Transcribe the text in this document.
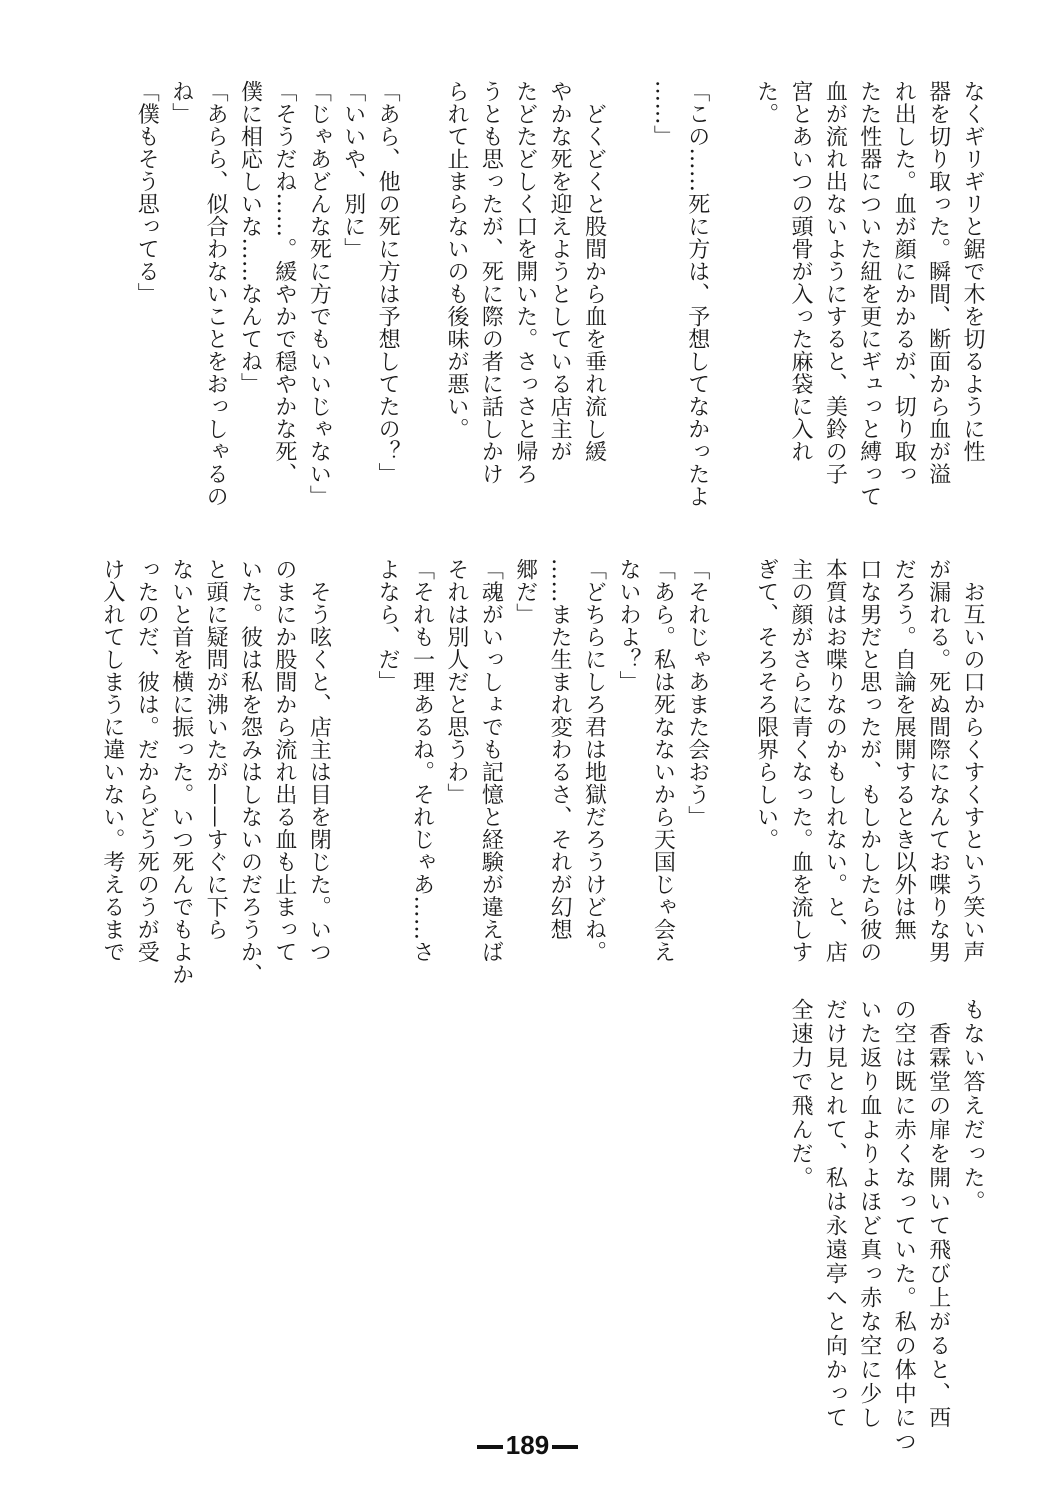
なくギリギリと鋸で木を切るように性
器を切り取った。瞬間、断面から血が溢
れ出した。血が顔にかかるが、切り取っ
たた性器についた紐を更にギュっと縛って
血が流れ出ないようにすると、美鈴の子
宮とあいつの頭骨が入った麻袋に入れ
た。
「この……死に方は、予想してなかったよ
……」
　どくどくと股間から血を垂れ流し緩
やかな死を迎えようとしている店主が
たどたどしく口を開いた。さっさと帰ろ
うとも思ったが、死に際の者に話しかけ
られて止まらないのも後味が悪い。
「あら、他の死に方は予想してたの？」
「いいや、別に」
「じゃあどんな死に方でもいいじゃない」
「そうだね……。緩やかで穏やかな死、
僕に相応しいな……なんてね」
「あらら、似合わないことをおっしゃるの
ね」
「僕もそう思ってる」
　お互いの口からくすくすという笑い声
が漏れる。死ぬ間際になんてお喋りな男
だろう。自論を展開するとき以外は無
口な男だと思ったが、もしかしたら彼の
本質はお喋りなのかもしれない。と、店
主の顔がさらに青くなった。血を流しす
ぎて、そろそろ限界らしい。
「それじゃあまた会おう」
「あら。私は死なないから天国じゃ会え
ないわよ？」
「どちらにしろ君は地獄だろうけどね。
……また生まれ変わるさ、それが幻想
郷だ」
「魂がいっしょでも記憶と経験が違えば
それは別人だと思うわ」
「それも一理あるね。それじゃあ……さ
よなら、だ」
　そう呟くと、店主は目を閉じた。いつ
のまにか股間から流れ出る血も止まって
いた。彼は私を怨みはしないのだろうか、
と頭に疑問が沸いたが——すぐに下ら
ないと首を横に振った。いつ死んでもよか
ったのだ、彼は。だからどう死のうが受
け入れてしまうに違いない。考えるまで
もない答えだった。
　香霖堂の扉を開いて飛び上がると、西
の空は既に赤くなっていた。私の体中につ
いた返り血よりよほど真っ赤な空に少し
だけ見とれて、私は永遠亭へと向かって
全速力で飛んだ。
189
